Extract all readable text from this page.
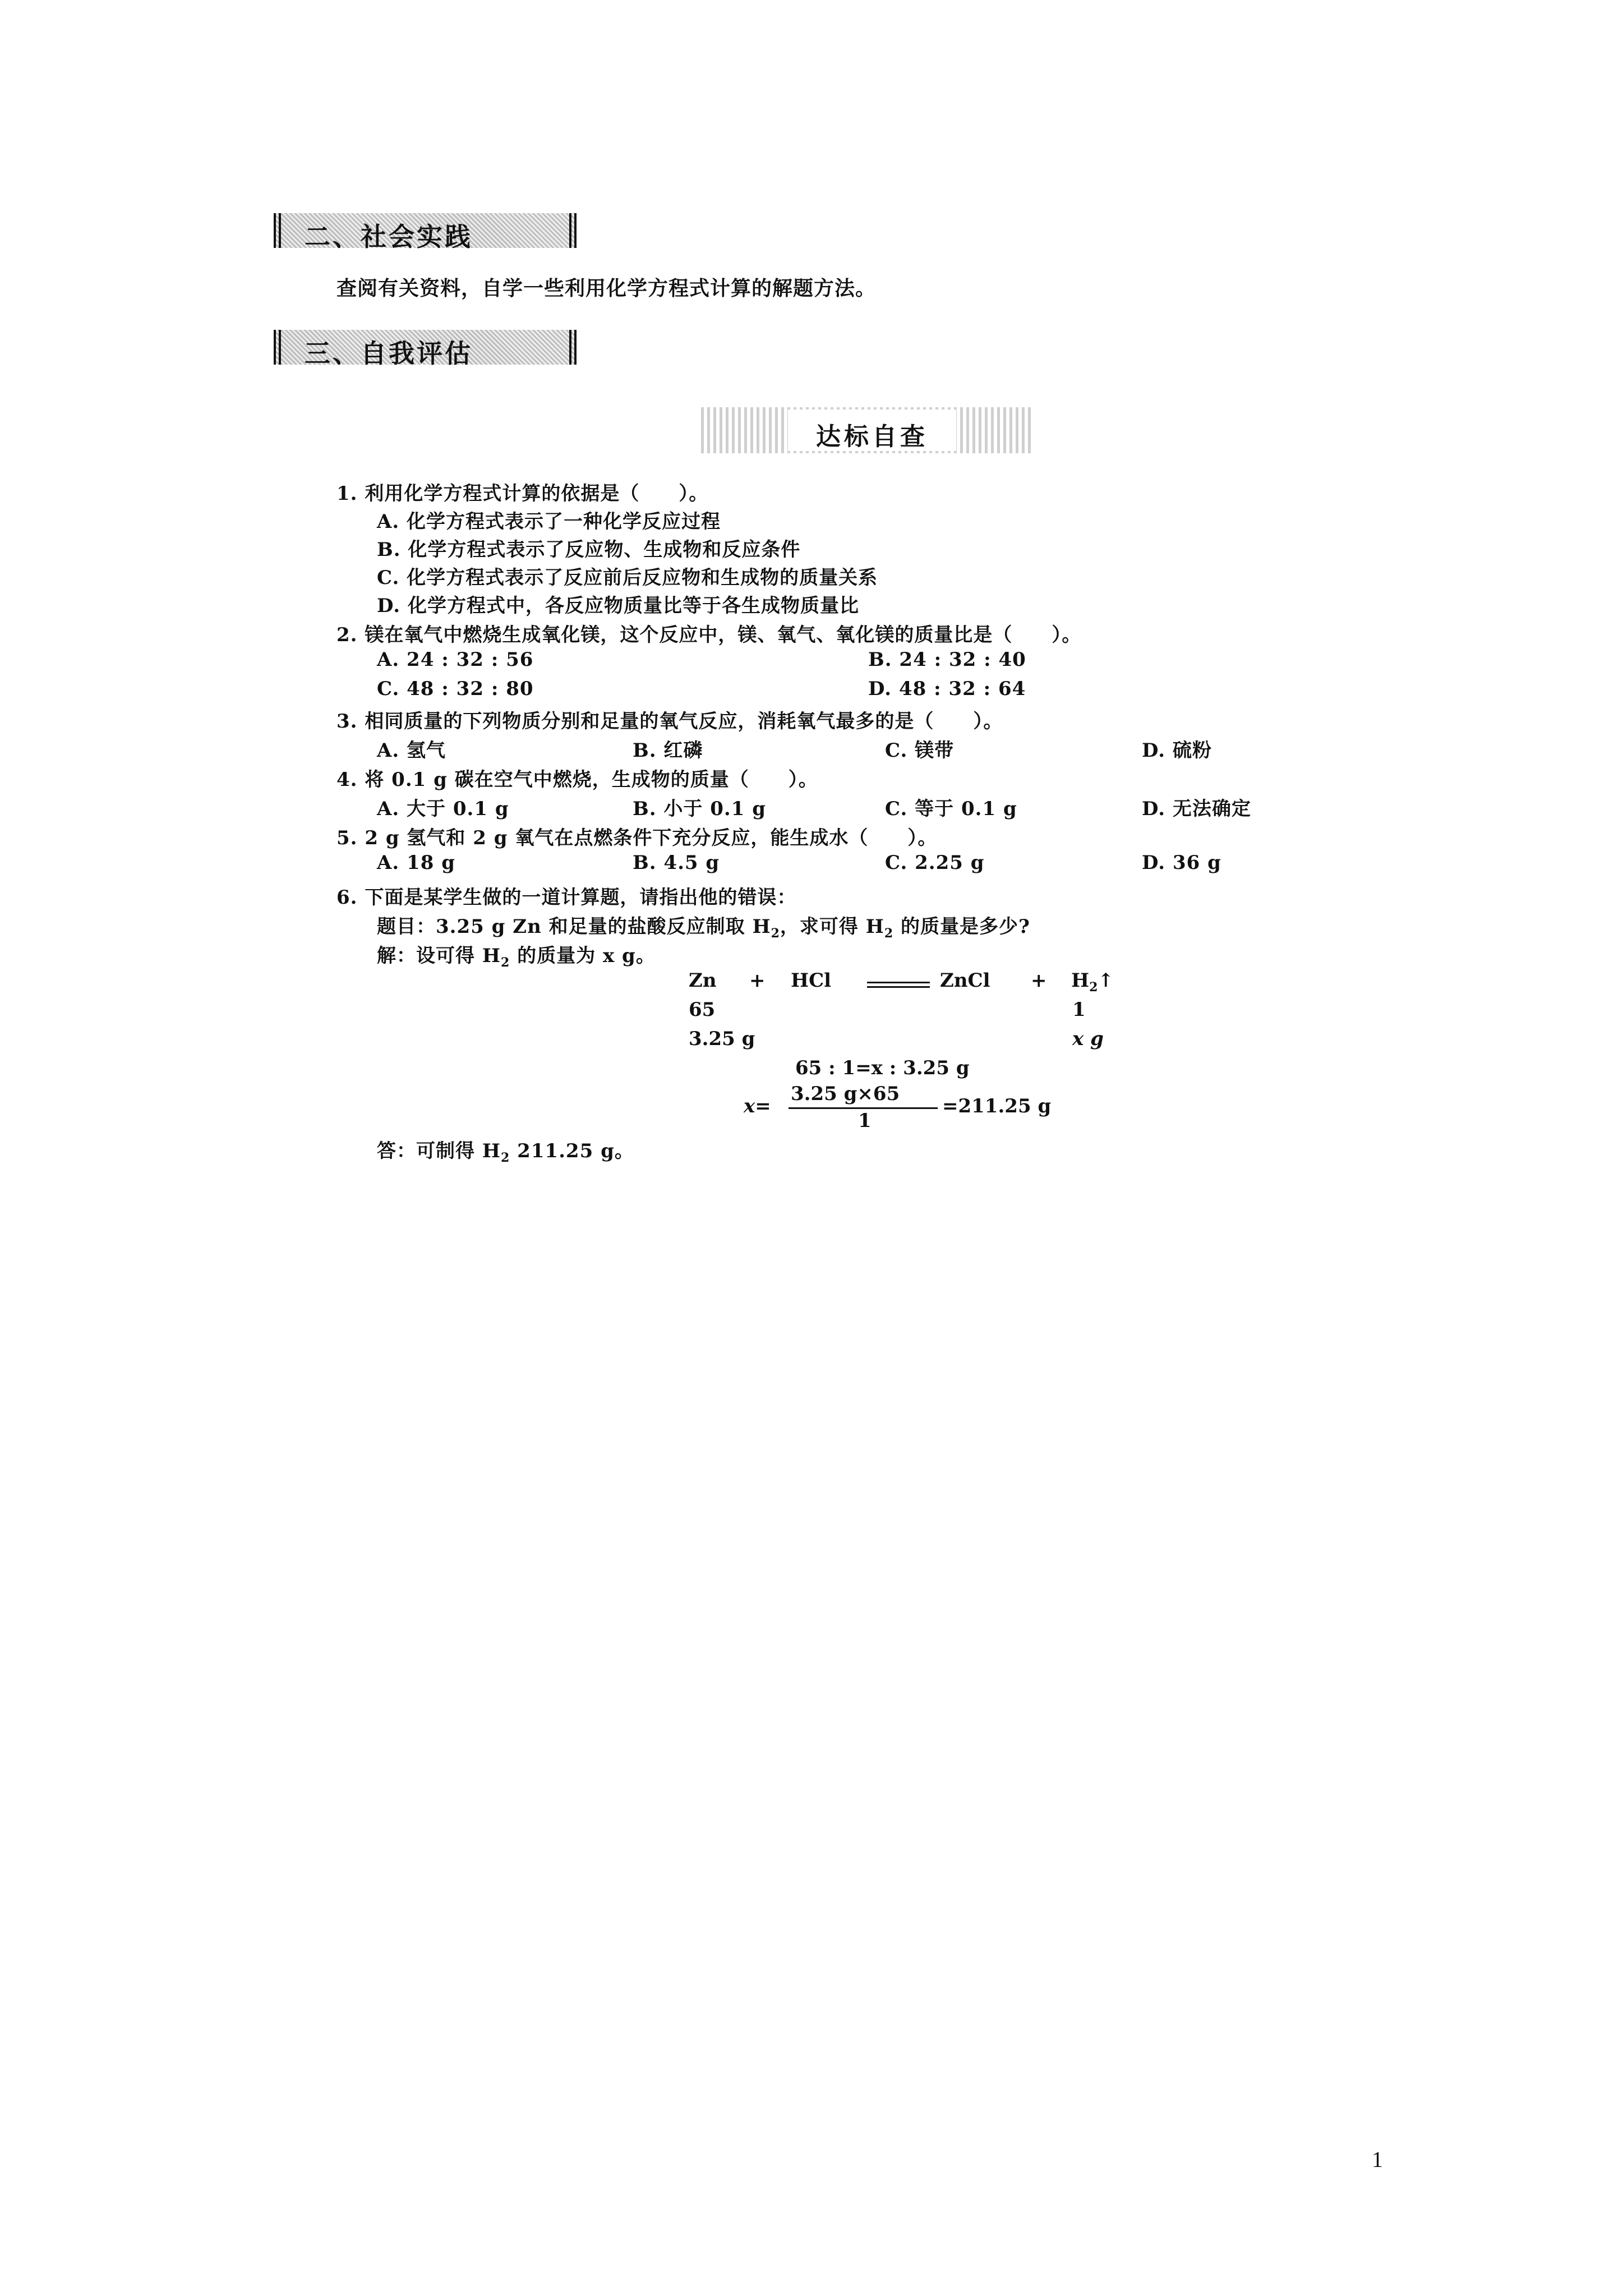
二、社会实践
查阅有关资料，自学一些利用化学方程式计算的解题方法。
三、自我评估
达标自查
1. 利用化学方程式计算的依据是（　　）。
A. 化学方程式表示了一种化学反应过程
B. 化学方程式表示了反应物、生成物和反应条件
C. 化学方程式表示了反应前后反应物和生成物的质量关系
D. 化学方程式中，各反应物质量比等于各生成物质量比
2. 镁在氧气中燃烧生成氧化镁，这个反应中，镁、氧气、氧化镁的质量比是（　　）。
A. 24 : 32 : 56	B. 24 : 32 : 40
C. 48 : 32 : 80	D. 48 : 32 : 64
3. 相同质量的下列物质分别和足量的氧气反应，消耗氧气最多的是（　　）。
A. 氢气	B. 红磷	C. 镁带	D. 硫粉
4. 将 0.1 g 碳在空气中燃烧，生成物的质量（　　）。
A. 大于 0.1 g	B. 小于 0.1 g	C. 等于 0.1 g	D. 无法确定
5. 2 g 氢气和 2 g 氧气在点燃条件下充分反应，能生成水（　　）。
A. 18 g	B. 4.5 g	C. 2.25 g	D. 36 g
6. 下面是某学生做的一道计算题，请指出他的错误：
题目：3.25 g Zn 和足量的盐酸反应制取 $H_2$，求可得 $H_2$ 的质量是多少?
解：设可得 $H_2$ 的质量为 x g。
Zn + HCl	ZnCl + $H_2↑$
65	1
3.25 g	x g
65 : 1=x : 3.25 g
x=
3.25 g×65
1
=211.25 g
答：可制得 $H_2$ 211.25 g。
1
